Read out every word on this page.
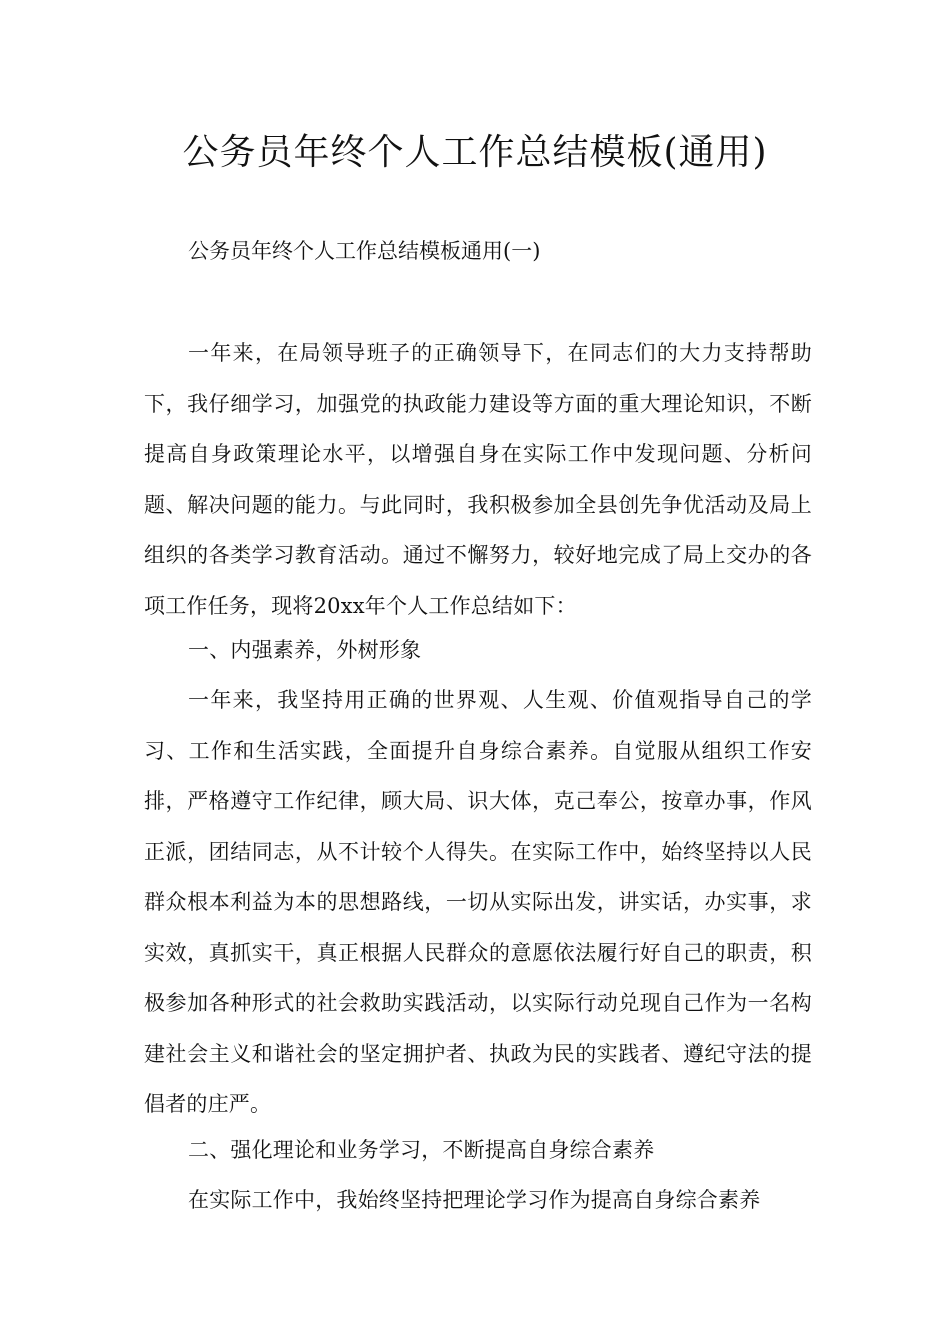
公务员年终个人工作总结模板(通用)

公务员年终个人工作总结模板通用(一)

一年来，在局领导班子的正确领导下，在同志们的大力支持帮助下，我仔细学习，加强党的执政能力建设等方面的重大理论知识，不断提高自身政策理论水平，以增强自身在实际工作中发现问题、分析问题、解决问题的能力。与此同时，我积极参加全县创先争优活动及局上组织的各类学习教育活动。通过不懈努力，较好地完成了局上交办的各项工作任务，现将20xx年个人工作总结如下：

一、内强素养，外树形象

一年来，我坚持用正确的世界观、人生观、价值观指导自己的学习、工作和生活实践，全面提升自身综合素养。自觉服从组织工作安排，严格遵守工作纪律，顾大局、识大体，克己奉公，按章办事，作风正派，团结同志，从不计较个人得失。在实际工作中，始终坚持以人民群众根本利益为本的思想路线，一切从实际出发，讲实话，办实事，求实效，真抓实干，真正根据人民群众的意愿依法履行好自己的职责，积极参加各种形式的社会救助实践活动，以实际行动兑现自己作为一名构建社会主义和谐社会的坚定拥护者、执政为民的实践者、遵纪守法的提倡者的庄严。

二、强化理论和业务学习，不断提高自身综合素养

在实际工作中，我始终坚持把理论学习作为提高自身综合素养
